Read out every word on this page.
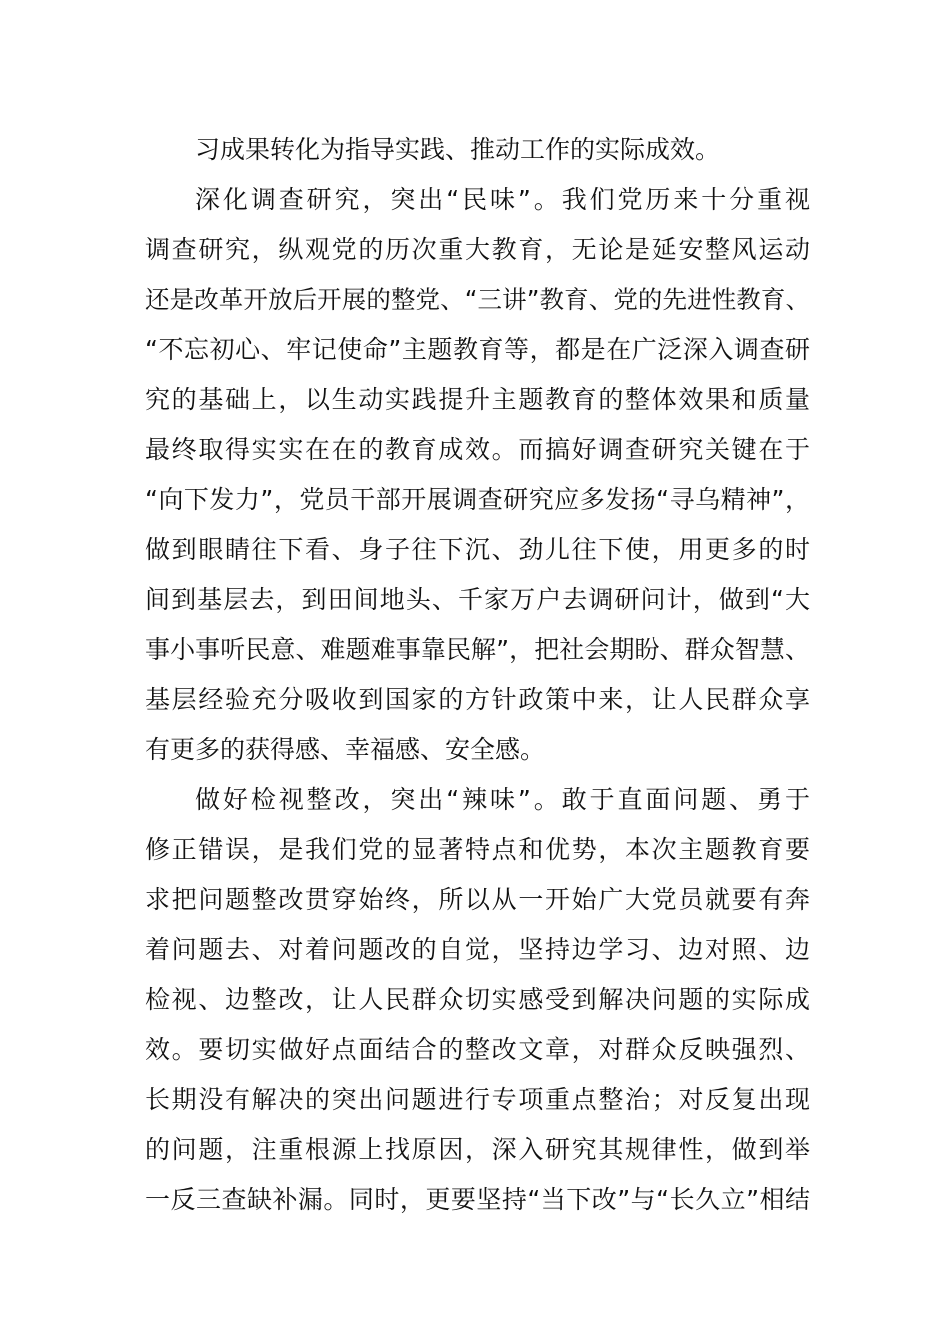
习成果转化为指导实践、推动工作的实际成效。
深化调查研究，突出“民味”。我们党历来十分重视
调查研究，纵观党的历次重大教育，无论是延安整风运动
还是改革开放后开展的整党、“三讲”教育、党的先进性教育、
“不忘初心、牢记使命”主题教育等，都是在广泛深入调查研
究的基础上，以生动实践提升主题教育的整体效果和质量
最终取得实实在在的教育成效。而搞好调查研究关键在于
“向下发力”，党员干部开展调查研究应多发扬“寻乌精神”，
做到眼睛往下看、身子往下沉、劲儿往下使，用更多的时
间到基层去，到田间地头、千家万户去调研问计，做到“大
事小事听民意、难题难事靠民解”，把社会期盼、群众智慧、
基层经验充分吸收到国家的方针政策中来，让人民群众享
有更多的获得感、幸福感、安全感。
做好检视整改，突出“辣味”。敢于直面问题、勇于
修正错误，是我们党的显著特点和优势，本次主题教育要
求把问题整改贯穿始终，所以从一开始广大党员就要有奔
着问题去、对着问题改的自觉，坚持边学习、边对照、边
检视、边整改，让人民群众切实感受到解决问题的实际成
效。要切实做好点面结合的整改文章，对群众反映强烈、
长期没有解决的突出问题进行专项重点整治；对反复出现
的问题，注重根源上找原因，深入研究其规律性，做到举
一反三查缺补漏。同时，更要坚持“当下改”与“长久立”相结
